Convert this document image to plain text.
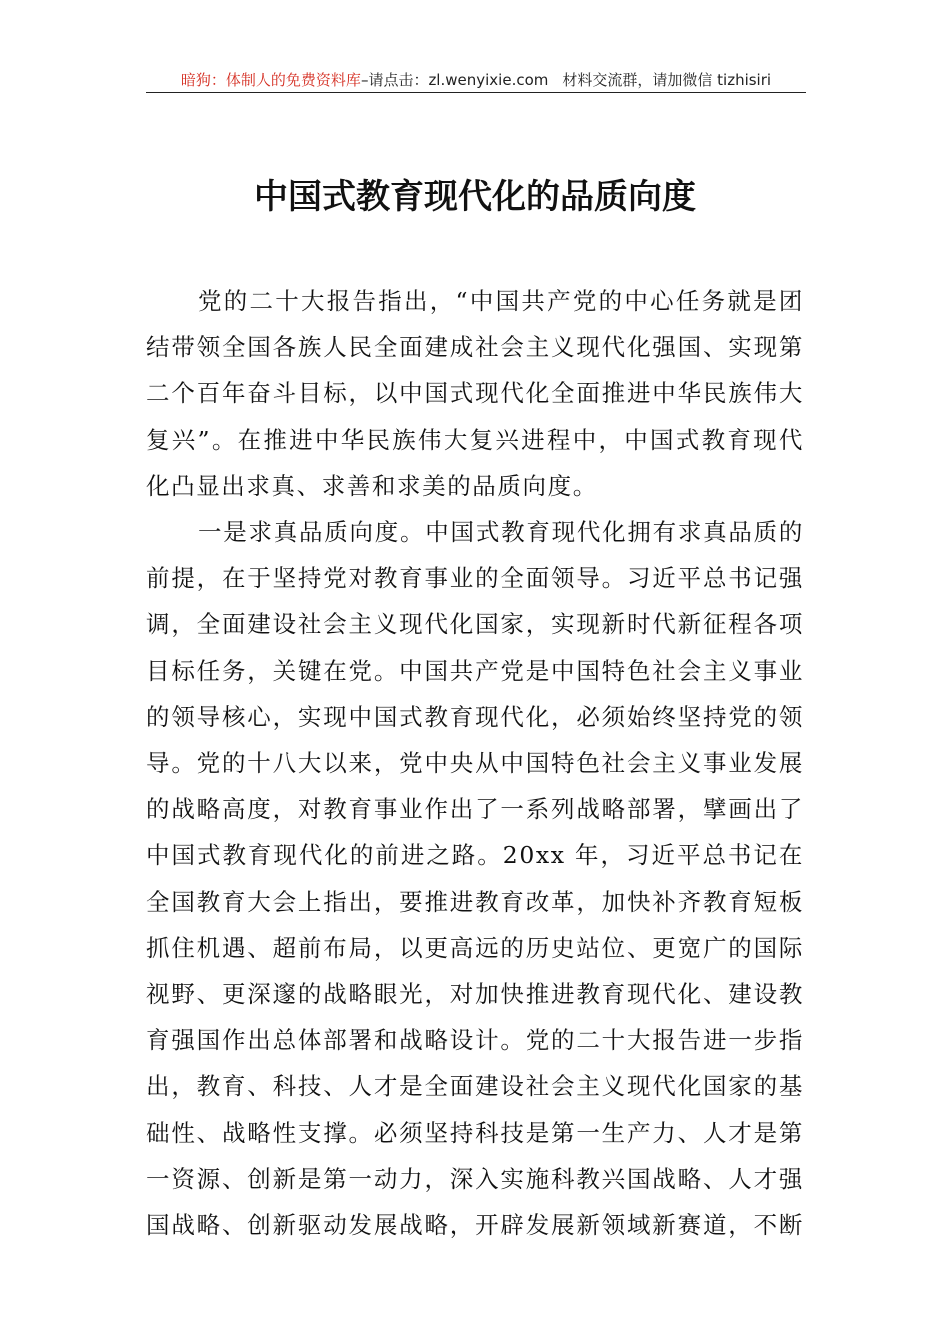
暗狗：体制人的免费资料库–请点击：zl.wenyixie.com 材料交流群，请加微信 tizhisiri
中国式教育现代化的品质向度
党的二十大报告指出，“中国共产党的中心任务就是团
结带领全国各族人民全面建成社会主义现代化强国、实现第
二个百年奋斗目标，以中国式现代化全面推进中华民族伟大
复兴”。在推进中华民族伟大复兴进程中，中国式教育现代
化凸显出求真、求善和求美的品质向度。
一是求真品质向度。中国式教育现代化拥有求真品质的
前提，在于坚持党对教育事业的全面领导。习近平总书记强
调，全面建设社会主义现代化国家，实现新时代新征程各项
目标任务，关键在党。中国共产党是中国特色社会主义事业
的领导核心，实现中国式教育现代化，必须始终坚持党的领
导。党的十八大以来，党中央从中国特色社会主义事业发展
的战略高度，对教育事业作出了一系列战略部署，擘画出了
中国式教育现代化的前进之路。20xx 年，习近平总书记在
全国教育大会上指出，要推进教育改革，加快补齐教育短板
抓住机遇、超前布局，以更高远的历史站位、更宽广的国际
视野、更深邃的战略眼光，对加快推进教育现代化、建设教
育强国作出总体部署和战略设计。党的二十大报告进一步指
出，教育、科技、人才是全面建设社会主义现代化国家的基
础性、战略性支撑。必须坚持科技是第一生产力、人才是第
一资源、创新是第一动力，深入实施科教兴国战略、人才强
国战略、创新驱动发展战略，开辟发展新领域新赛道，不断
